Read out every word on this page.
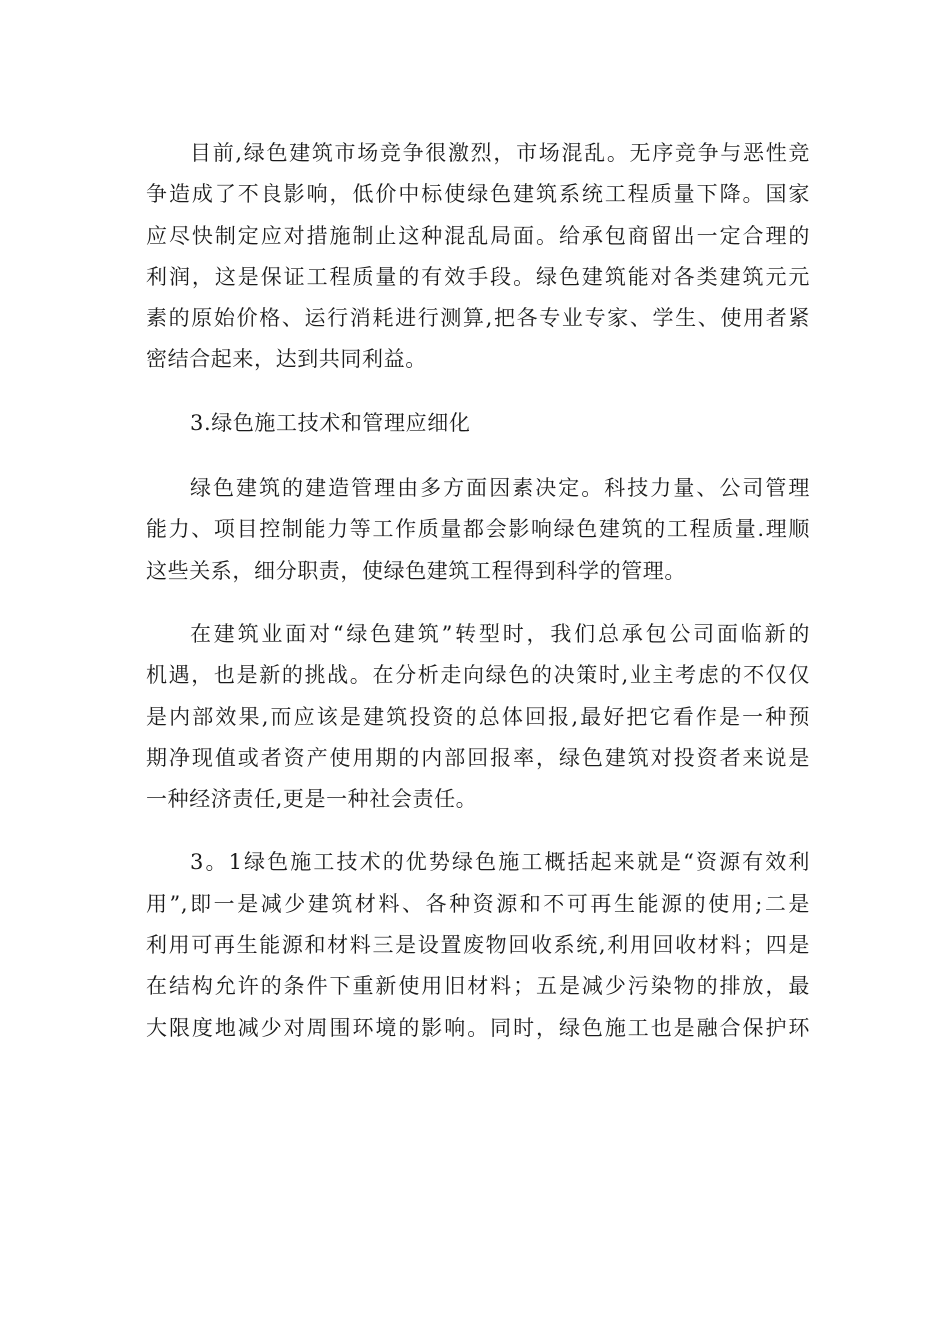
目前,绿色建筑市场竞争很激烈，市场混乱。无序竞争与恶性竞
争造成了不良影响，低价中标使绿色建筑系统工程质量下降。国家
应尽快制定应对措施制止这种混乱局面。给承包商留出一定合理的
利润，这是保证工程质量的有效手段。绿色建筑能对各类建筑元元
素的原始价格、运行消耗进行测算,把各专业专家、学生、使用者紧
密结合起来，达到共同利益。

3.绿色施工技术和管理应细化

绿色建筑的建造管理由多方面因素决定。科技力量、公司管理
能力、项目控制能力等工作质量都会影响绿色建筑的工程质量.理顺
这些关系，细分职责，使绿色建筑工程得到科学的管理。

在建筑业面对“绿色建筑”转型时，我们总承包公司面临新的
机遇，也是新的挑战。在分析走向绿色的决策时,业主考虑的不仅仅
是内部效果,而应该是建筑投资的总体回报,最好把它看作是一种预
期净现值或者资产使用期的内部回报率，绿色建筑对投资者来说是
一种经济责任,更是一种社会责任。

3。1绿色施工技术的优势绿色施工概括起来就是“资源有效利
用”,即一是减少建筑材料、各种资源和不可再生能源的使用;二是
利用可再生能源和材料三是设置废物回收系统,利用回收材料；四是
在结构允许的条件下重新使用旧材料；五是减少污染物的排放，最
大限度地减少对周围环境的影响。同时，绿色施工也是融合保护环
